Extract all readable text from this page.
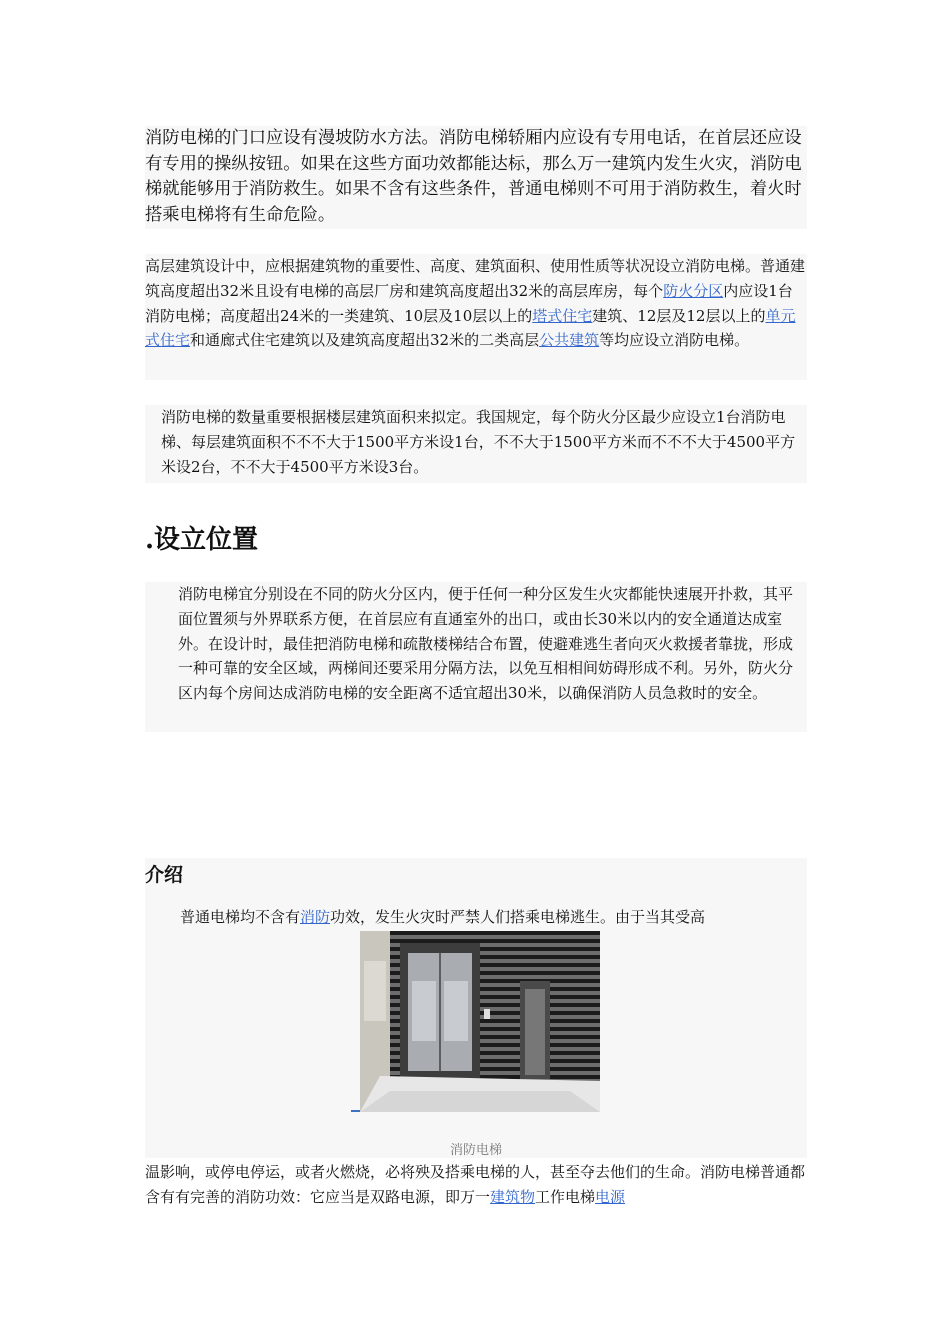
消防电梯的门口应设有漫坡防水方法。消防电梯轿厢内应设有专用电话，在首层还应设有专用的操纵按钮。如果在这些方面功效都能达标，那么万一建筑内发生火灾，消防电梯就能够用于消防救生。如果不含有这些条件，普通电梯则不可用于消防救生，着火时搭乘电梯将有生命危险。
高层建筑设计中，应根据建筑物的重要性、高度、建筑面积、使用性质等状况设立消防电梯。普通建筑高度超出32米且设有电梯的高层厂房和建筑高度超出32米的高层库房，每个防火分区内应设1台消防电梯；高度超出24米的一类建筑、10层及10层以上的塔式住宅建筑、12层及12层以上的单元式住宅和通廊式住宅建筑以及建筑高度超出32米的二类高层公共建筑等均应设立消防电梯。
消防电梯的数量重要根据楼层建筑面积来拟定。我国规定，每个防火分区最少应设立1台消防电梯、每层建筑面积不不不大于1500平方米设1台，不不大于1500平方米而不不不大于4500平方米设2台，不不大于4500平方米设3台。
.设立位置
消防电梯宜分别设在不同的防火分区内，便于任何一种分区发生火灾都能快速展开扑救，其平面位置须与外界联系方便，在首层应有直通室外的出口，或由长30米以内的安全通道达成室外。在设计时，最佳把消防电梯和疏散楼梯结合布置，使避难逃生者向灭火救援者靠拢，形成一种可靠的安全区域，两梯间还要采用分隔方法，以免互相相间妨碍形成不利。另外，防火分区内每个房间达成消防电梯的安全距离不适宜超出30米，以确保消防人员急救时的安全。
介绍
普通电梯均不含有消防功效，发生火灾时严禁人们搭乘电梯逃生。由于当其受高
消防电梯
温影响，或停电停运，或者火燃烧，必将殃及搭乘电梯的人，甚至夺去他们的生命。消防电梯普通都含有有完善的消防功效：它应当是双路电源，即万一建筑物工作电梯电源
